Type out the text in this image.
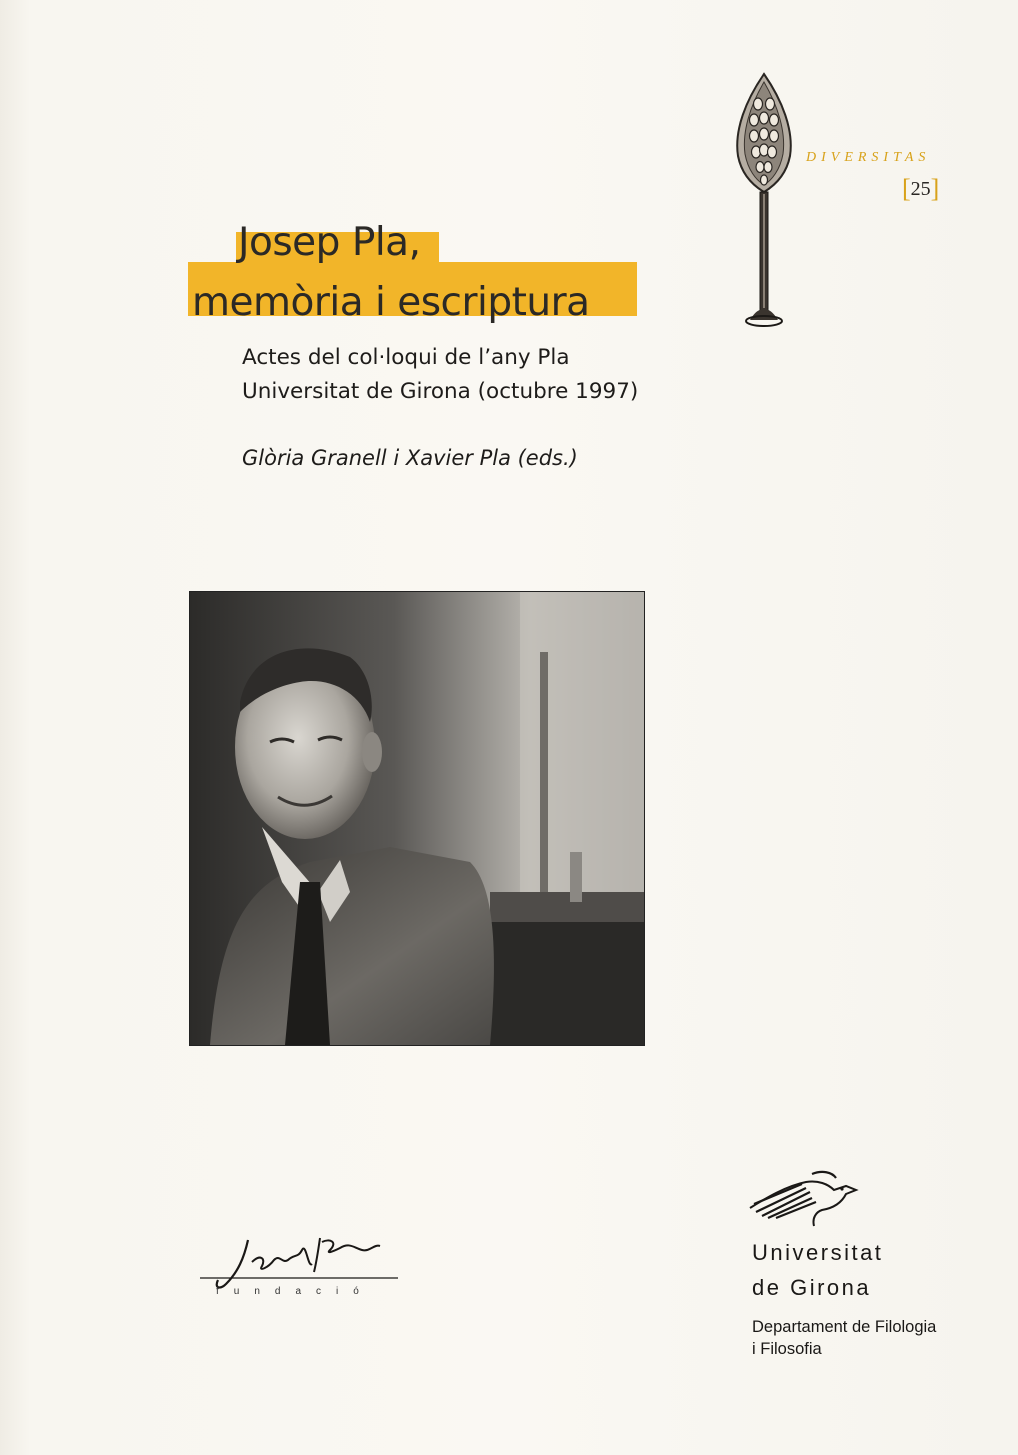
DIVERSITAS
[25]
Josep Pla,
memòria i escriptura
Actes del col·loqui de l’any Pla
Universitat de Girona (octubre 1997)
Glòria Granell i Xavier Pla (eds.)
fundació
Universitat
de Girona
Departament de Filologia
i Filosofia
